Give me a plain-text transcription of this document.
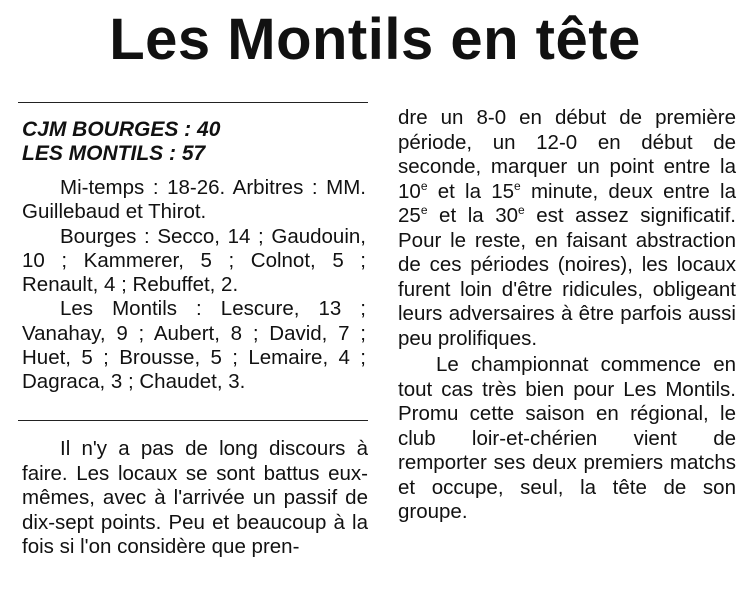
Les Montils en tête

CJM BOURGES : 40

LES MONTILS : 57

Mi-temps : 18-26. Arbitres : MM. Guillebaud et Thirot.

Bourges : Secco, 14 ; Gaudouin, 10 ; Kammerer, 5 ; Colnot, 5 ; Renault, 4 ; Rebuffet, 2.

Les Montils : Lescure, 13 ; Vanahay, 9 ; Aubert, 8 ; David, 7 ; Huet, 5 ; Brousse, 5 ; Lemaire, 4 ; Dagraca, 3 ; Chaudet, 3.

Il n'y a pas de long discours à faire. Les locaux se sont battus eux-mêmes, avec à l'arrivée un passif de dix-sept points. Peu et beaucoup à la fois si l'on considère que pren-

dre un 8-0 en début de première période, un 12-0 en début de seconde, marquer un point entre la 10e et la 15e minute, deux entre la 25e et la 30e est assez significatif. Pour le reste, en faisant abstraction de ces périodes (noires), les locaux furent loin d'être ridicules, obligeant leurs adversaires à être parfois aussi peu prolifiques.

Le championnat commence en tout cas très bien pour Les Montils. Promu cette saison en régional, le club loir-et-chérien vient de remporter ses deux premiers matchs et occupe, seul, la tête de son groupe.
